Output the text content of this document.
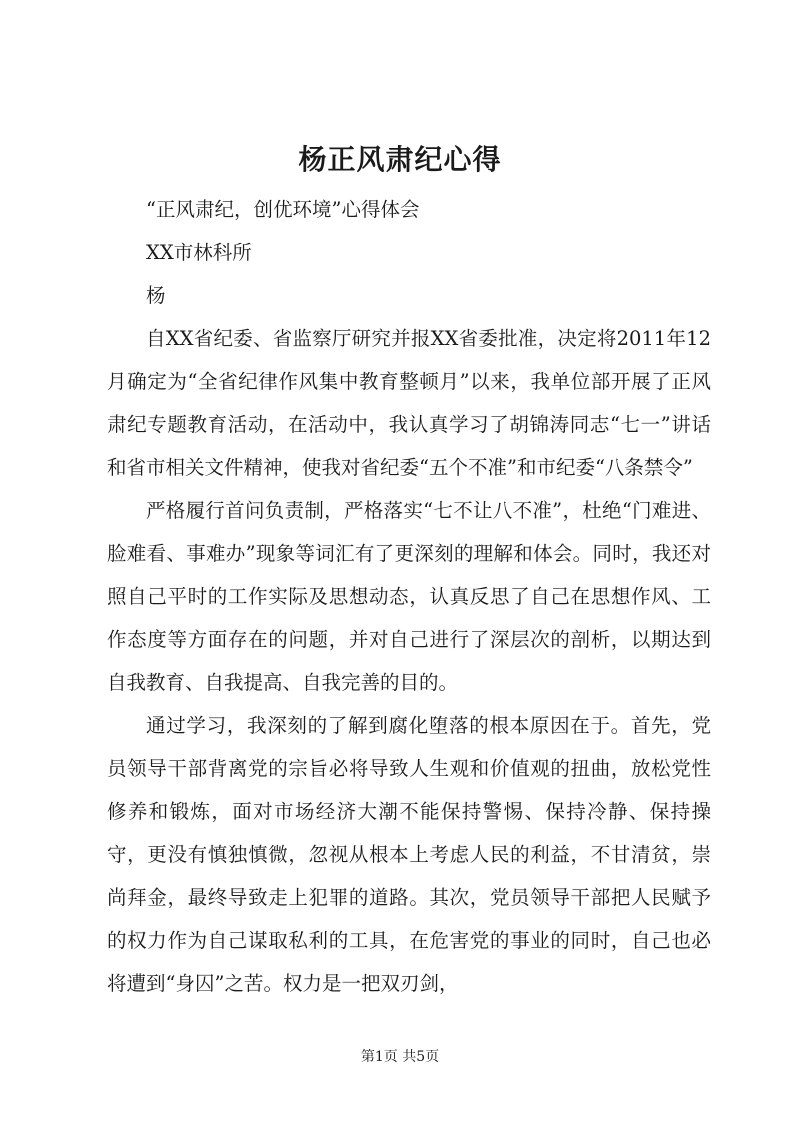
杨正风肃纪心得

“正风肃纪，创优环境”心得体会

XX市林科所

杨

自XX省纪委、省监察厅研究并报XX省委批准，决定将2011年12月确定为“全省纪律作风集中教育整顿月”以来，我单位部开展了正风肃纪专题教育活动，在活动中，我认真学习了胡锦涛同志“七一”讲话和省市相关文件精神，使我对省纪委“五个不准”和市纪委“八条禁令”

严格履行首问负责制，严格落实“七不让八不准”，杜绝“门难进、脸难看、事难办”现象等词汇有了更深刻的理解和体会。同时，我还对照自己平时的工作实际及思想动态，认真反思了自己在思想作风、工作态度等方面存在的问题，并对自己进行了深层次的剖析，以期达到自我教育、自我提高、自我完善的目的。

通过学习，我深刻的了解到腐化堕落的根本原因在于。首先，党员领导干部背离党的宗旨必将导致人生观和价值观的扭曲，放松党性修养和锻炼，面对市场经济大潮不能保持警惕、保持冷静、保持操守，更没有慎独慎微，忽视从根本上考虑人民的利益，不甘清贫，崇尚拜金，最终导致走上犯罪的道路。其次，党员领导干部把人民赋予的权力作为自己谋取私利的工具，在危害党的事业的同时，自己也必将遭到“身囚”之苦。权力是一把双刃剑，

第1页 共5页
